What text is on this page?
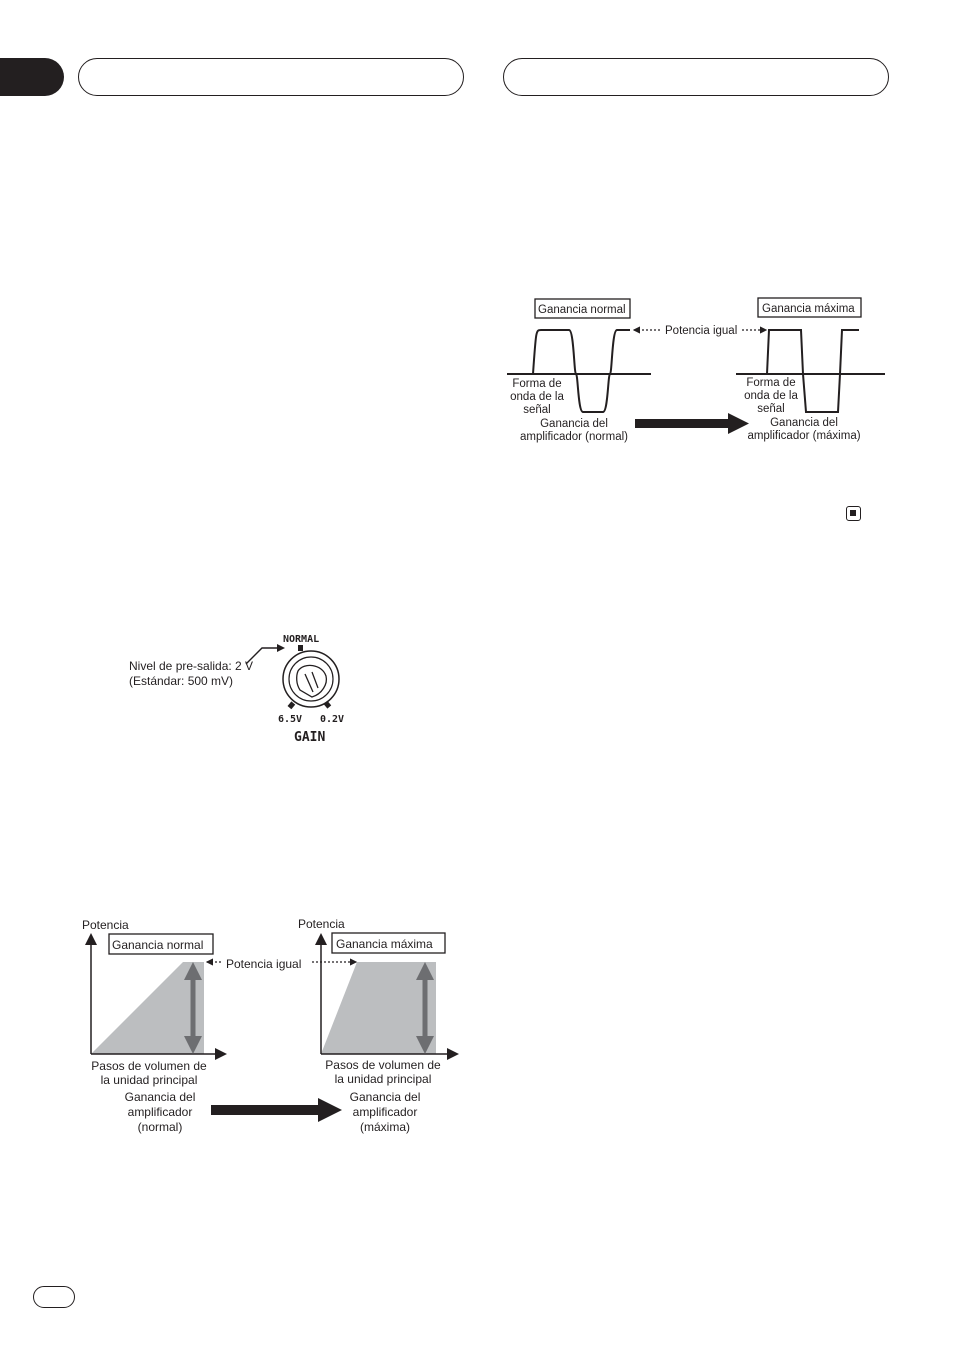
Ganancia normal	Ganancia máxima
Potencia igual
Forma de
onda de la
señal
Forma de
onda de la
señal
Ganancia del
amplificador (normal)
Ganancia del
amplificador (máxima)
Nivel de pre-salida: 2 V
(Estándar: 500 mV)
NORMAL
6.5V 0.2V
GAIN
Potencia
Ganancia normal
Potencia
Ganancia máxima
Potencia igual
Pasos de volumen de
la unidad principal
Pasos de volumen de
la unidad principal
Ganancia del
amplificador
(normal)
Ganancia del
amplificador
(máxima)
